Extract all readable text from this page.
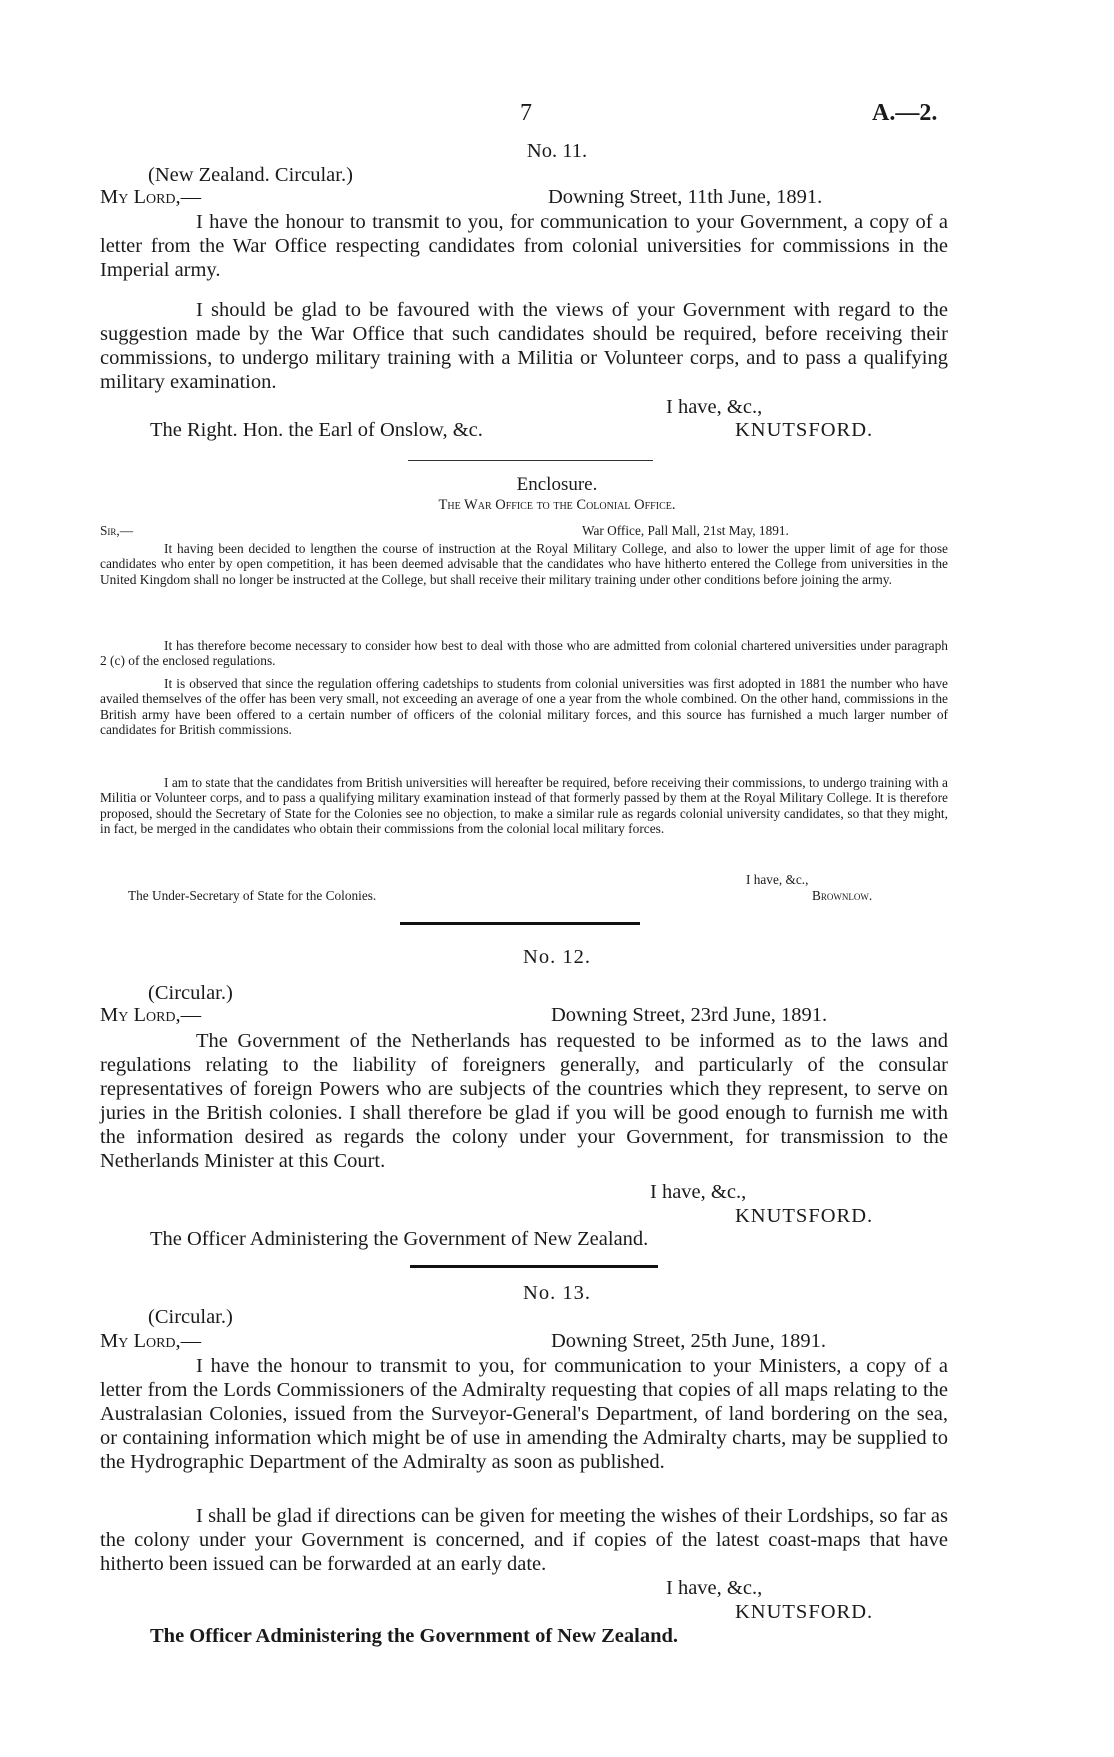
7	A.—2.
No. 11.
(New Zealand. Circular.)
My Lord,—	Downing Street, 11th June, 1891.
I have the honour to transmit to you, for communication to your Government, a copy of a letter from the War Office respecting candidates from colonial universities for commissions in the Imperial army.
I should be glad to be favoured with the views of your Government with regard to the suggestion made by the War Office that such candidates should be required, before receiving their commissions, to undergo military training with a Militia or Volunteer corps, and to pass a qualifying military examination.
I have, &c.,
The Right. Hon. the Earl of Onslow, &c.	KNUTSFORD.
Enclosure.
The War Office to the Colonial Office.
Sir,—	War Office, Pall Mall, 21st May, 1891.
It having been decided to lengthen the course of instruction at the Royal Military College, and also to lower the upper limit of age for those candidates who enter by open competition, it has been deemed advisable that the candidates who have hitherto entered the College from universities in the United Kingdom shall no longer be instructed at the College, but shall receive their military training under other conditions before joining the army.
It has therefore become necessary to consider how best to deal with those who are admitted from colonial chartered universities under paragraph 2 (c) of the enclosed regulations.
It is observed that since the regulation offering cadetships to students from colonial universities was first adopted in 1881 the number who have availed themselves of the offer has been very small, not exceeding an average of one a year from the whole combined. On the other hand, commissions in the British army have been offered to a certain number of officers of the colonial military forces, and this source has furnished a much larger number of candidates for British commissions.
I am to state that the candidates from British universities will hereafter be required, before receiving their commissions, to undergo training with a Militia or Volunteer corps, and to pass a qualifying military examination instead of that formerly passed by them at the Royal Military College. It is therefore proposed, should the Secretary of State for the Colonies see no objection, to make a similar rule as regards colonial university candidates, so that they might, in fact, be merged in the candidates who obtain their commissions from the colonial local military forces.
I have, &c.,
The Under-Secretary of State for the Colonies.	Brownlow.
No. 12.
(Circular.)
My Lord,—	Downing Street, 23rd June, 1891.
The Government of the Netherlands has requested to be informed as to the laws and regulations relating to the liability of foreigners generally, and particularly of the consular representatives of foreign Powers who are subjects of the countries which they represent, to serve on juries in the British colonies. I shall therefore be glad if you will be good enough to furnish me with the information desired as regards the colony under your Government, for transmission to the Netherlands Minister at this Court.
I have, &c.,
KNUTSFORD.
The Officer Administering the Government of New Zealand.
No. 13.
(Circular.)
My Lord,—	Downing Street, 25th June, 1891.
I have the honour to transmit to you, for communication to your Ministers, a copy of a letter from the Lords Commissioners of the Admiralty requesting that copies of all maps relating to the Australasian Colonies, issued from the Surveyor-General's Department, of land bordering on the sea, or containing information which might be of use in amending the Admiralty charts, may be supplied to the Hydrographic Department of the Admiralty as soon as published.
I shall be glad if directions can be given for meeting the wishes of their Lordships, so far as the colony under your Government is concerned, and if copies of the latest coast-maps that have hitherto been issued can be forwarded at an early date.
I have, &c.,
KNUTSFORD.
The Officer Administering the Government of New Zealand.
